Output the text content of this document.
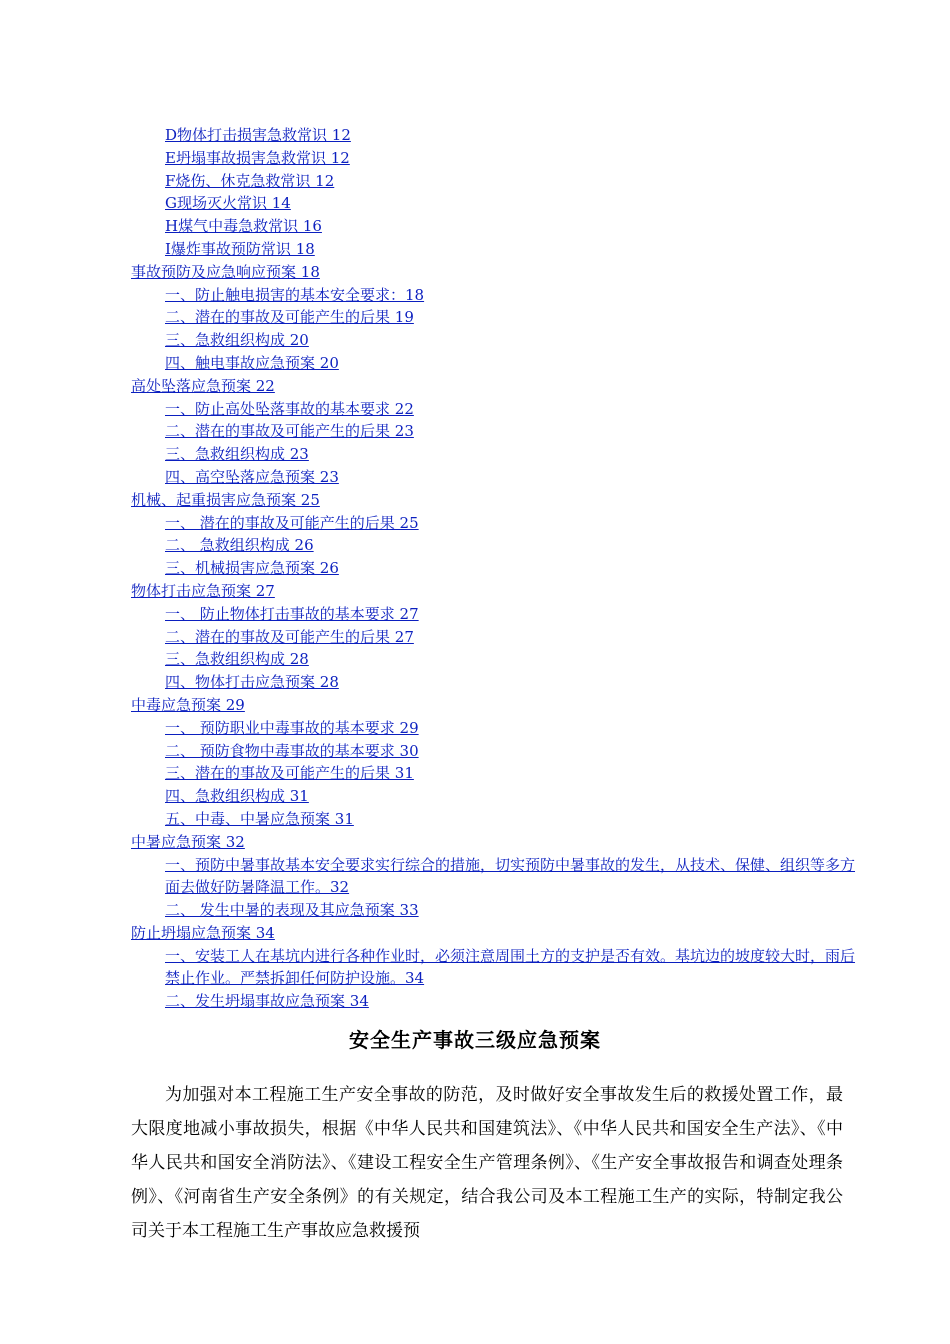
D物体打击损害急救常识 12
E坍塌事故损害急救常识 12
F烧伤、休克急救常识 12
G现场灭火常识 14
H煤气中毒急救常识 16
I爆炸事故预防常识 18
事故预防及应急响应预案 18
一、防止触电损害的基本安全要求：18
二、潜在的事故及可能产生的后果 19
三、急救组织构成 20
四、触电事故应急预案 20
高处坠落应急预案 22
一、防止高处坠落事故的基本要求 22
二、潜在的事故及可能产生的后果 23
三、急救组织构成 23
四、高空坠落应急预案 23
机械、起重损害应急预案 25
一、 潜在的事故及可能产生的后果 25
二、 急救组织构成 26
三、机械损害应急预案 26
物体打击应急预案 27
一、 防止物体打击事故的基本要求 27
二、潜在的事故及可能产生的后果 27
三、急救组织构成 28
四、物体打击应急预案 28
中毒应急预案 29
一、 预防职业中毒事故的基本要求 29
二、 预防食物中毒事故的基本要求 30
三、潜在的事故及可能产生的后果 31
四、急救组织构成 31
五、中毒、中暑应急预案 31
中暑应急预案 32
一、预防中暑事故基本安全要求实行综合的措施，切实预防中暑事故的发生，从技术、保健、组织等多方面去做好防暑降温工作。32
二、 发生中暑的表现及其应急预案 33
防止坍塌应急预案 34
一、安装工人在基坑内进行各种作业时，必须注意周围土方的支护是否有效。基坑边的坡度较大时，雨后禁止作业。严禁拆卸任何防护设施。34
二、发生坍塌事故应急预案 34
安全生产事故三级应急预案

为加强对本工程施工生产安全事故的防范，及时做好安全事故发生后的救援处置工作，最大限度地减小事故损失，根据《中华人民共和国建筑法》、《中华人民共和国安全生产法》、《中华人民共和国安全消防法》、《建设工程安全生产管理条例》、《生产安全事故报告和调查处理条例》、《河南省生产安全条例》的有关规定，结合我公司及本工程施工生产的实际，特制定我公司关于本工程施工生产事故应急救援预
